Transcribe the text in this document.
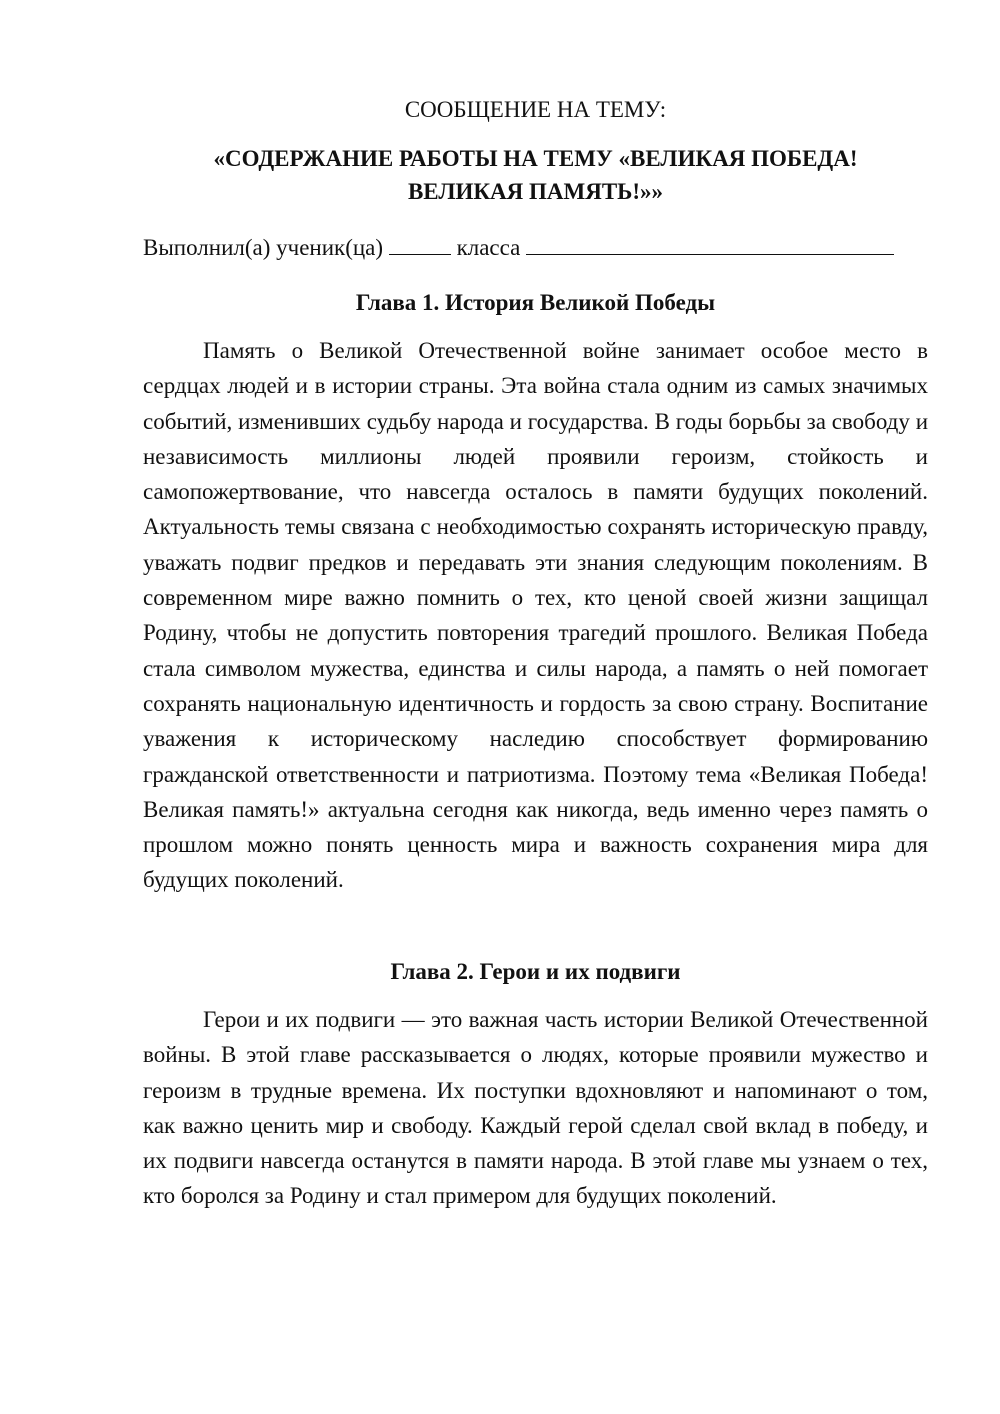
СООБЩЕНИЕ НА ТЕМУ:
«СОДЕРЖАНИЕ РАБОТЫ НА ТЕМУ «ВЕЛИКАЯ ПОБЕДА!
ВЕЛИКАЯ ПАМЯТЬ!»»
Выполнил(а) ученик(ца)	класса
Глава 1. История Великой Победы

Память о Великой Отечественной войне занимает особое место в сердцах людей и в истории страны. Эта война стала одним из самых значимых событий, изменивших судьбу народа и государства. В годы борьбы за свободу и независимость миллионы людей проявили героизм, стойкость и самопожертвование, что навсегда осталось в памяти будущих поколений. Актуальность темы связана с необходимостью сохранять историческую правду, уважать подвиг предков и передавать эти знания следующим поколениям. В современном мире важно помнить о тех, кто ценой своей жизни защищал Родину, чтобы не допустить повторения трагедий прошлого. Великая Победа стала символом мужества, единства и силы народа, а память о ней помогает сохранять национальную идентичность и гордость за свою страну. Воспитание уважения к историческому наследию способствует формированию гражданской ответственности и патриотизма. Поэтому тема «Великая Победа! Великая память!» актуальна сегодня как никогда, ведь именно через память о прошлом можно понять ценность мира и важность сохранения мира для будущих поколений.

Глава 2. Герои и их подвиги

Герои и их подвиги — это важная часть истории Великой Отечественной войны. В этой главе рассказывается о людях, которые проявили мужество и героизм в трудные времена. Их поступки вдохновляют и напоминают о том, как важно ценить мир и свободу. Каждый герой сделал свой вклад в победу, и их подвиги навсегда останутся в памяти народа. В этой главе мы узнаем о тех, кто боролся за Родину и стал примером для будущих поколений.
